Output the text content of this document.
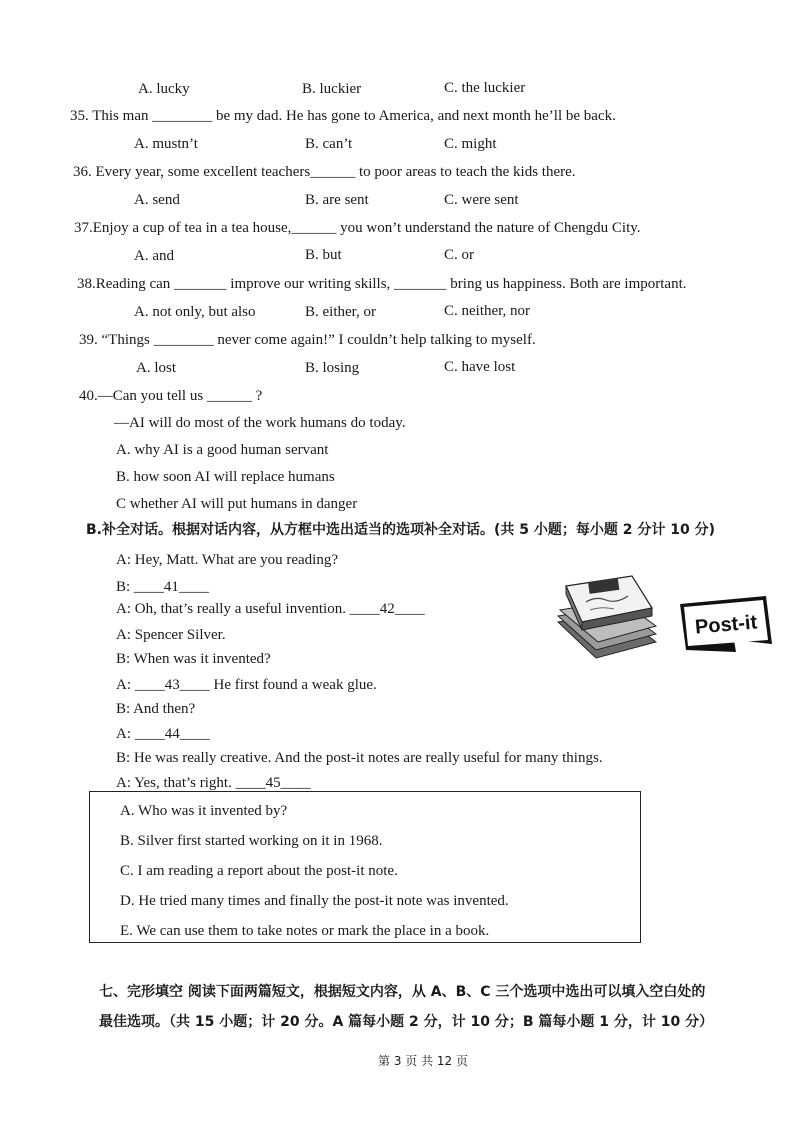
A. lucky	B. luckier	C. the luckier
35. This man ________ be my dad. He has gone to America, and next month he’ll be back.
A. mustn’t	B. can’t	C. might
36. Every year, some excellent teachers______ to poor areas to teach the kids there.
A. send	B. are sent	C. were sent
37.Enjoy a cup of tea in a tea house,______ you won’t understand the nature of Chengdu City.
A. and	B. but	C. or
38.Reading can _______ improve our writing skills, _______ bring us happiness. Both are important.
A. not only, but also	B. either, or	C. neither, nor
39. “Things ________ never come again!” I couldn’t help talking to myself.
A. lost	B. losing	C. have lost
40.—Can you tell us ______ ?
—AI will do most of the work humans do today.
A. why AI is a good human servant
B. how soon AI will replace humans
C whether AI will put humans in danger
B.补全对话。根据对话内容，从方框中选出适当的选项补全对话。(共 5 小题；每小题 2 分计 10 分)
A: Hey, Matt. What are you reading?
B: ____41____
A: Oh, that’s really a useful invention. ____42____
A: Spencer Silver.
B: When was it invented?
A: ____43____ He first found a weak glue.
B: And then?
A: ____44____
B: He was really creative. And the post-it notes are really useful for many things.
A: Yes, that’s right. ____45____
Post-it
A. Who was it invented by?
B. Silver first started working on it in 1968.
C. I am reading a report about the post-it note.
D. He tried many times and finally the post-it note was invented.
E. We can use them to take notes or mark the place in a book.
七、完形填空 阅读下面两篇短文，根据短文内容，从 A、B、C 三个选项中选出可以填入空白处的
最佳选项。（共 15 小题；计 20 分。A 篇每小题 2 分，计 10 分；B 篇每小题 1 分，计 10 分）
第 3 页 共 12 页
